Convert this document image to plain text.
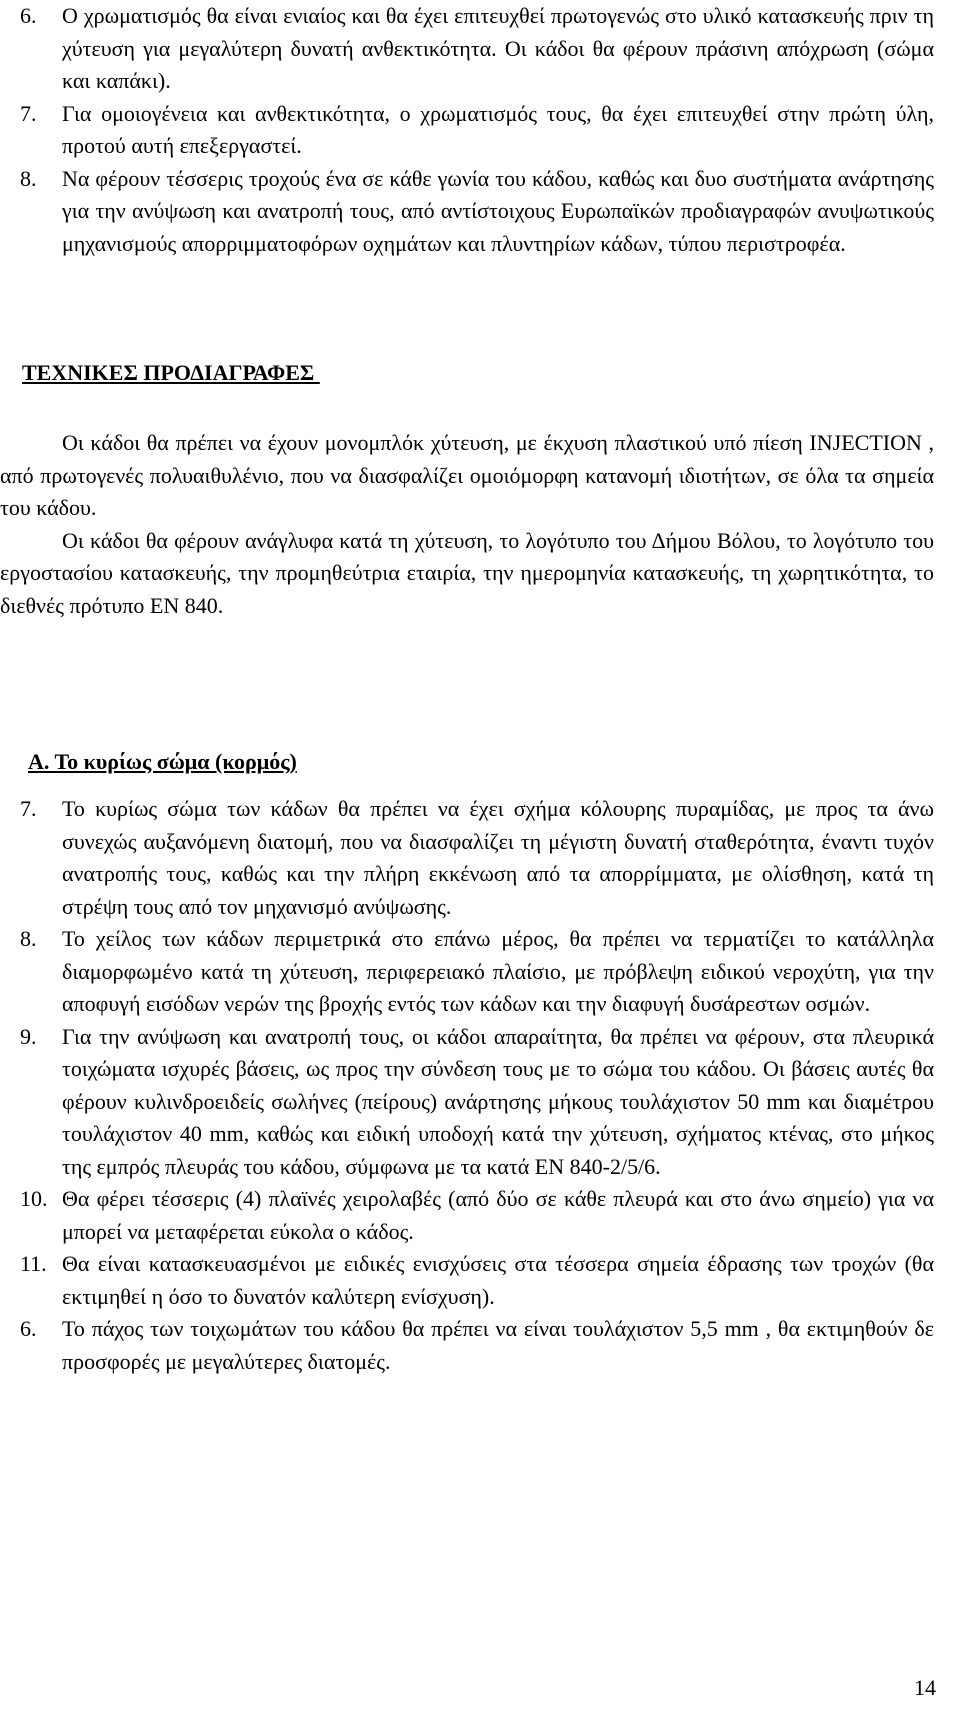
6. Ο χρωματισμός θα είναι ενιαίος και θα έχει επιτευχθεί πρωτογενώς στο υλικό κατασκευής πριν τη χύτευση για μεγαλύτερη δυνατή ανθεκτικότητα. Οι κάδοι θα φέρουν πράσινη απόχρωση (σώμα και καπάκι).
7. Για ομοιογένεια και ανθεκτικότητα, ο χρωματισμός τους, θα έχει επιτευχθεί στην πρώτη ύλη, προτού αυτή επεξεργαστεί.
8. Να φέρουν τέσσερις τροχούς ένα σε κάθε γωνία του κάδου, καθώς και δυο συστήματα ανάρτησης για την ανύψωση και ανατροπή τους, από αντίστοιχους Ευρωπαϊκών προδιαγραφών ανυψωτικούς μηχανισμούς απορριμματοφόρων οχημάτων και πλυντηρίων κάδων, τύπου περιστροφέα.
ΤΕΧΝΙΚΕΣ ΠΡΟΔΙΑΓΡΑΦΕΣ

Οι κάδοι θα πρέπει να έχουν μονομπλόκ χύτευση, με έκχυση πλαστικού υπό πίεση INJECTION , από πρωτογενές πολυαιθυλένιο, που να διασφαλίζει ομοιόμορφη κατανομή ιδιοτήτων, σε όλα τα σημεία του κάδου.

Οι κάδοι θα φέρουν ανάγλυφα κατά τη χύτευση, το λογότυπο του Δήμου Βόλου, το λογότυπο του εργοστασίου κατασκευής, την προμηθεύτρια εταιρία, την ημερομηνία κατασκευής, τη χωρητικότητα, το διεθνές πρότυπο ΕΝ 840.

Α. Το κυρίως σώμα (κορμός)
7. Το κυρίως σώμα των κάδων θα πρέπει να έχει σχήμα κόλουρης πυραμίδας, με προς τα άνω συνεχώς αυξανόμενη διατομή, που να διασφαλίζει τη μέγιστη δυνατή σταθερότητα, έναντι τυχόν ανατροπής τους, καθώς και την πλήρη εκκένωση από τα απορρίμματα, με ολίσθηση, κατά τη στρέψη τους από τον μηχανισμό ανύψωσης.
8. Το χείλος των κάδων περιμετρικά στο επάνω μέρος, θα πρέπει να τερματίζει το κατάλληλα διαμορφωμένο κατά τη χύτευση, περιφερειακό πλαίσιο, με πρόβλεψη ειδικού νεροχύτη, για την αποφυγή εισόδων νερών της βροχής εντός των κάδων και την διαφυγή δυσάρεστων οσμών.
9. Για την ανύψωση και ανατροπή τους, οι κάδοι απαραίτητα, θα πρέπει να φέρουν, στα πλευρικά τοιχώματα ισχυρές βάσεις, ως προς την σύνδεση τους με το σώμα του κάδου. Οι βάσεις αυτές θα φέρουν κυλινδροειδείς σωλήνες (πείρους) ανάρτησης μήκους τουλάχιστον 50 mm και διαμέτρου τουλάχιστον 40 mm, καθώς και ειδική υποδοχή κατά την χύτευση, σχήματος κτένας, στο μήκος της εμπρός πλευράς του κάδου, σύμφωνα με τα κατά ΕΝ 840-2/5/6.
10. Θα φέρει τέσσερις (4) πλαϊνές χειρολαβές (από δύο σε κάθε πλευρά και στο άνω σημείο) για να μπορεί να μεταφέρεται εύκολα ο κάδος.
11. Θα είναι κατασκευασμένοι με ειδικές ενισχύσεις στα τέσσερα σημεία έδρασης των τροχών (θα εκτιμηθεί η όσο το δυνατόν καλύτερη ενίσχυση).
6. Το πάχος των τοιχωμάτων του κάδου θα πρέπει να είναι τουλάχιστον 5,5 mm , θα εκτιμηθούν δε προσφορές με μεγαλύτερες διατομές.
14
